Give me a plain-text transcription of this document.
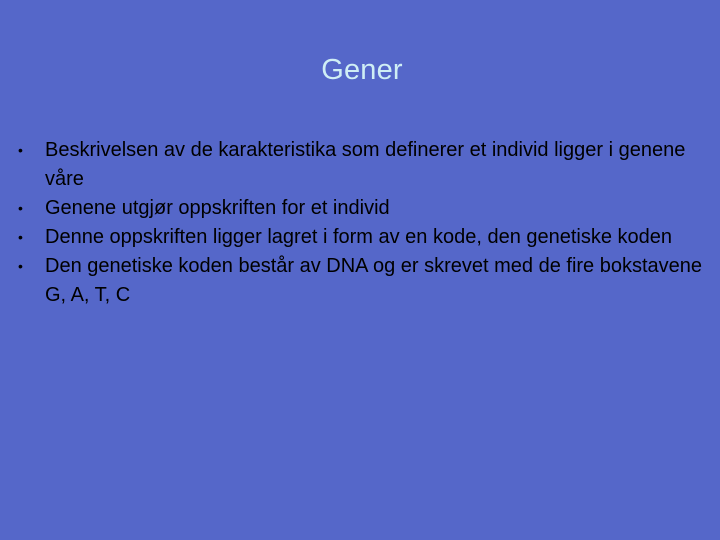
Gener
• Beskrivelsen av de karakteristika som definerer et individ ligger i genene våre
• Genene utgjør oppskriften for et individ
• Denne oppskriften ligger lagret i form av en kode, den genetiske koden
• Den genetiske koden består av DNA og er skrevet med de fire bokstavene G, A, T, C
